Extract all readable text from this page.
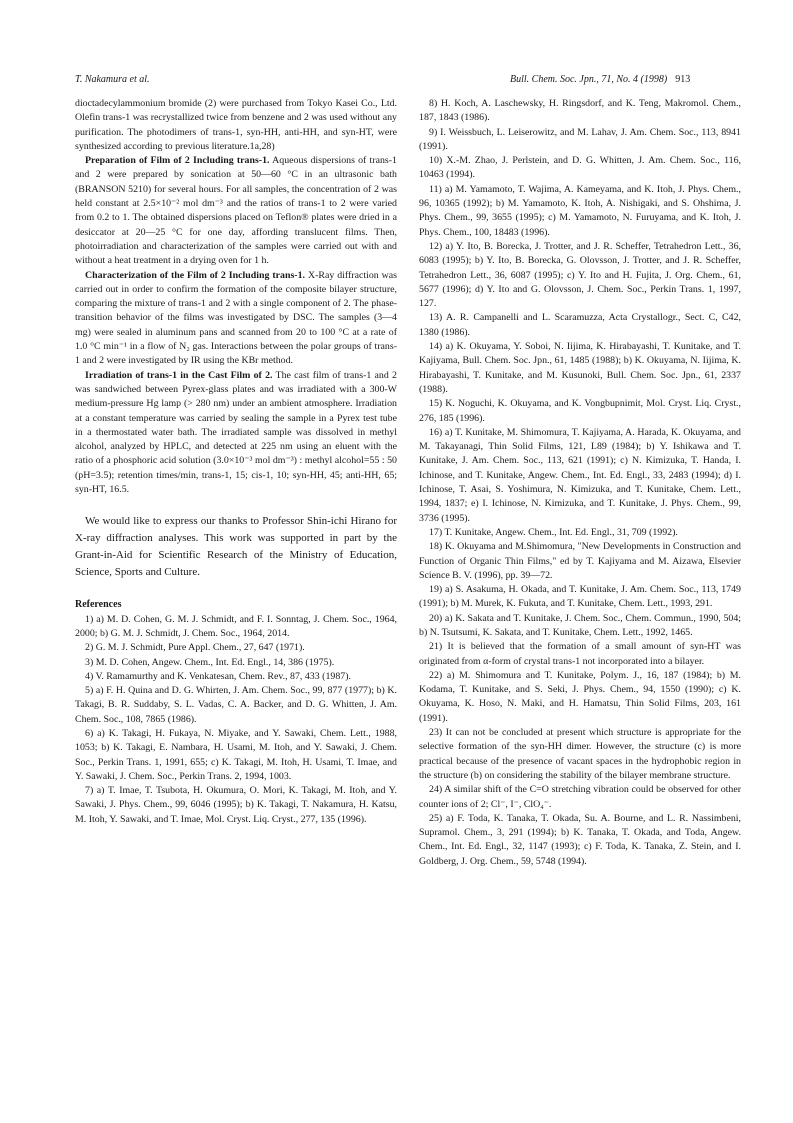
T. Nakamura et al.	Bull. Chem. Soc. Jpn., 71, No. 4 (1998) 913

dioctadecylammonium bromide (2) were purchased from Tokyo Kasei Co., Ltd. Olefin trans-1 was recrystallized twice from benzene and 2 was used without any purification. The photodimers of trans-1, syn-HH, anti-HH, and syn-HT, were synthesized according to previous literature.1a,28)

Preparation of Film of 2 Including trans-1. Aqueous dispersions of trans-1 and 2 were prepared by sonication at 50—60 °C in an ultrasonic bath (BRANSON 5210) for several hours. For all samples, the concentration of 2 was held constant at 2.5×10⁻² mol dm⁻³ and the ratios of trans-1 to 2 were varied from 0.2 to 1. The obtained dispersions placed on Teflon® plates were dried in a desiccator at 20—25 °C for one day, affording translucent films. Then, photoirradiation and characterization of the samples were carried out with and without a heat treatment in a drying oven for 1 h.

Characterization of the Film of 2 Including trans-1. X-Ray diffraction was carried out in order to confirm the formation of the composite bilayer structure, comparing the mixture of trans-1 and 2 with a single component of 2. The phase-transition behavior of the films was investigated by DSC. The samples (3—4 mg) were sealed in aluminum pans and scanned from 20 to 100 °C at a rate of 1.0 °C min⁻¹ in a flow of N₂ gas. Interactions between the polar groups of trans-1 and 2 were investigated by IR using the KBr method.

Irradiation of trans-1 in the Cast Film of 2. The cast film of trans-1 and 2 was sandwiched between Pyrex-glass plates and was irradiated with a 300-W medium-pressure Hg lamp (> 280 nm) under an ambient atmosphere. Irradiation at a constant temperature was carried by sealing the sample in a Pyrex test tube in a thermostated water bath. The irradiated sample was dissolved in methyl alcohol, analyzed by HPLC, and detected at 225 nm using an eluent with the ratio of a phosphoric acid solution (3.0×10⁻³ mol dm⁻³) : methyl alcohol=55 : 50 (pH=3.5); retention times/min, trans-1, 15; cis-1, 10; syn-HH, 45; anti-HH, 65; syn-HT, 16.5.

We would like to express our thanks to Professor Shin-ichi Hirano for X-ray diffraction analyses. This work was supported in part by the Grant-in-Aid for Scientific Research of the Ministry of Education, Science, Sports and Culture.

References

1) a) M. D. Cohen, G. M. J. Schmidt, and F. I. Sonntag, J. Chem. Soc., 1964, 2000; b) G. M. J. Schmidt, J. Chem. Soc., 1964, 2014.

2) G. M. J. Schmidt, Pure Appl. Chem., 27, 647 (1971).

3) M. D. Cohen, Angew. Chem., Int. Ed. Engl., 14, 386 (1975).

4) V. Ramamurthy and K. Venkatesan, Chem. Rev., 87, 433 (1987).

5) a) F. H. Quina and D. G. Whirten, J. Am. Chem. Soc., 99, 877 (1977); b) K. Takagi, B. R. Suddaby, S. L. Vadas, C. A. Backer, and D. G. Whitten, J. Am. Chem. Soc., 108, 7865 (1986).

6) a) K. Takagi, H. Fukaya, N. Miyake, and Y. Sawaki, Chem. Lett., 1988, 1053; b) K. Takagi, E. Nambara, H. Usami, M. Itoh, and Y. Sawaki, J. Chem. Soc., Perkin Trans. 1, 1991, 655; c) K. Takagi, M. Itoh, H. Usami, T. Imae, and Y. Sawaki, J. Chem. Soc., Perkin Trans. 2, 1994, 1003.

7) a) T. Imae, T. Tsubota, H. Okumura, O. Mori, K. Takagi, M. Itoh, and Y. Sawaki, J. Phys. Chem., 99, 6046 (1995); b) K. Takagi, T. Nakamura, H. Katsu, M. Itoh, Y. Sawaki, and T. Imae, Mol. Cryst. Liq. Cryst., 277, 135 (1996).

8) H. Koch, A. Laschewsky, H. Ringsdorf, and K. Teng, Makromol. Chem., 187, 1843 (1986).

9) I. Weissbuch, L. Leiserowitz, and M. Lahav, J. Am. Chem. Soc., 113, 8941 (1991).

10) X.-M. Zhao, J. Perlstein, and D. G. Whitten, J. Am. Chem. Soc., 116, 10463 (1994).

11) a) M. Yamamoto, T. Wajima, A. Kameyama, and K. Itoh, J. Phys. Chem., 96, 10365 (1992); b) M. Yamamoto, K. Itoh, A. Nishigaki, and S. Ohshima, J. Phys. Chem., 99, 3655 (1995); c) M. Yamamoto, N. Furuyama, and K. Itoh, J. Phys. Chem., 100, 18483 (1996).

12) a) Y. Ito, B. Borecka, J. Trotter, and J. R. Scheffer, Tetrahedron Lett., 36, 6083 (1995); b) Y. Ito, B. Borecka, G. Olovsson, J. Trotter, and J. R. Scheffer, Tetrahedron Lett., 36, 6087 (1995); c) Y. Ito and H. Fujita, J. Org. Chem., 61, 5677 (1996); d) Y. Ito and G. Olovsson, J. Chem. Soc., Perkin Trans. 1, 1997, 127.

13) A. R. Campanelli and L. Scaramuzza, Acta Crystallogr., Sect. C, C42, 1380 (1986).

14) a) K. Okuyama, Y. Soboi, N. Iijima, K. Hirabayashi, T. Kunitake, and T. Kajiyama, Bull. Chem. Soc. Jpn., 61, 1485 (1988); b) K. Okuyama, N. Iijima, K. Hirabayashi, T. Kunitake, and M. Kusunoki, Bull. Chem. Soc. Jpn., 61, 2337 (1988).

15) K. Noguchi, K. Okuyama, and K. Vongbupnimit, Mol. Cryst. Liq. Cryst., 276, 185 (1996).

16) a) T. Kunitake, M. Shimomura, T. Kajiyama, A. Harada, K. Okuyama, and M. Takayanagi, Thin Solid Films, 121, L89 (1984); b) Y. Ishikawa and T. Kunitake, J. Am. Chem. Soc., 113, 621 (1991); c) N. Kimizuka, T. Handa, I. Ichinose, and T. Kunitake, Angew. Chem., Int. Ed. Engl., 33, 2483 (1994); d) I. Ichinose, T. Asai, S. Yoshimura, N. Kimizuka, and T. Kunitake, Chem. Lett., 1994, 1837; e) I. Ichinose, N. Kimizuka, and T. Kunitake, J. Phys. Chem., 99, 3736 (1995).

17) T. Kunitake, Angew. Chem., Int. Ed. Engl., 31, 709 (1992).

18) K. Okuyama and M.Shimomura, "New Developments in Construction and Function of Organic Thin Films," ed by T. Kajiyama and M. Aizawa, Elsevier Science B. V. (1996), pp. 39—72.

19) a) S. Asakuma, H. Okada, and T. Kunitake, J. Am. Chem. Soc., 113, 1749 (1991); b) M. Murek, K. Fukuta, and T. Kunitake, Chem. Lett., 1993, 291.

20) a) K. Sakata and T. Kunitake, J. Chem. Soc., Chem. Commun., 1990, 504; b) N. Tsutsumi, K. Sakata, and T. Kunitake, Chem. Lett., 1992, 1465.

21) It is believed that the formation of a small amount of syn-HT was originated from α-form of crystal trans-1 not incorporated into a bilayer.

22) a) M. Shimomura and T. Kunitake, Polym. J., 16, 187 (1984); b) M. Kodama, T. Kunitake, and S. Seki, J. Phys. Chem., 94, 1550 (1990); c) K. Okuyama, K. Hoso, N. Maki, and H. Hamatsu, Thin Solid Films, 203, 161 (1991).

23) It can not be concluded at present which structure is appropriate for the selective formation of the syn-HH dimer. However, the structure (c) is more practical because of the presence of vacant spaces in the hydrophobic region in the structure (b) on considering the stability of the bilayer membrane structure.

24) A similar shift of the C=O stretching vibration could be observed for other counter ions of 2; Cl⁻, I⁻, ClO₄⁻.

25) a) F. Toda, K. Tanaka, T. Okada, Su. A. Bourne, and L. R. Nassimbeni, Supramol. Chem., 3, 291 (1994); b) K. Tanaka, T. Okada, and Toda, Angew. Chem., Int. Ed. Engl., 32, 1147 (1993); c) F. Toda, K. Tanaka, Z. Stein, and I. Goldberg, J. Org. Chem., 59, 5748 (1994).
